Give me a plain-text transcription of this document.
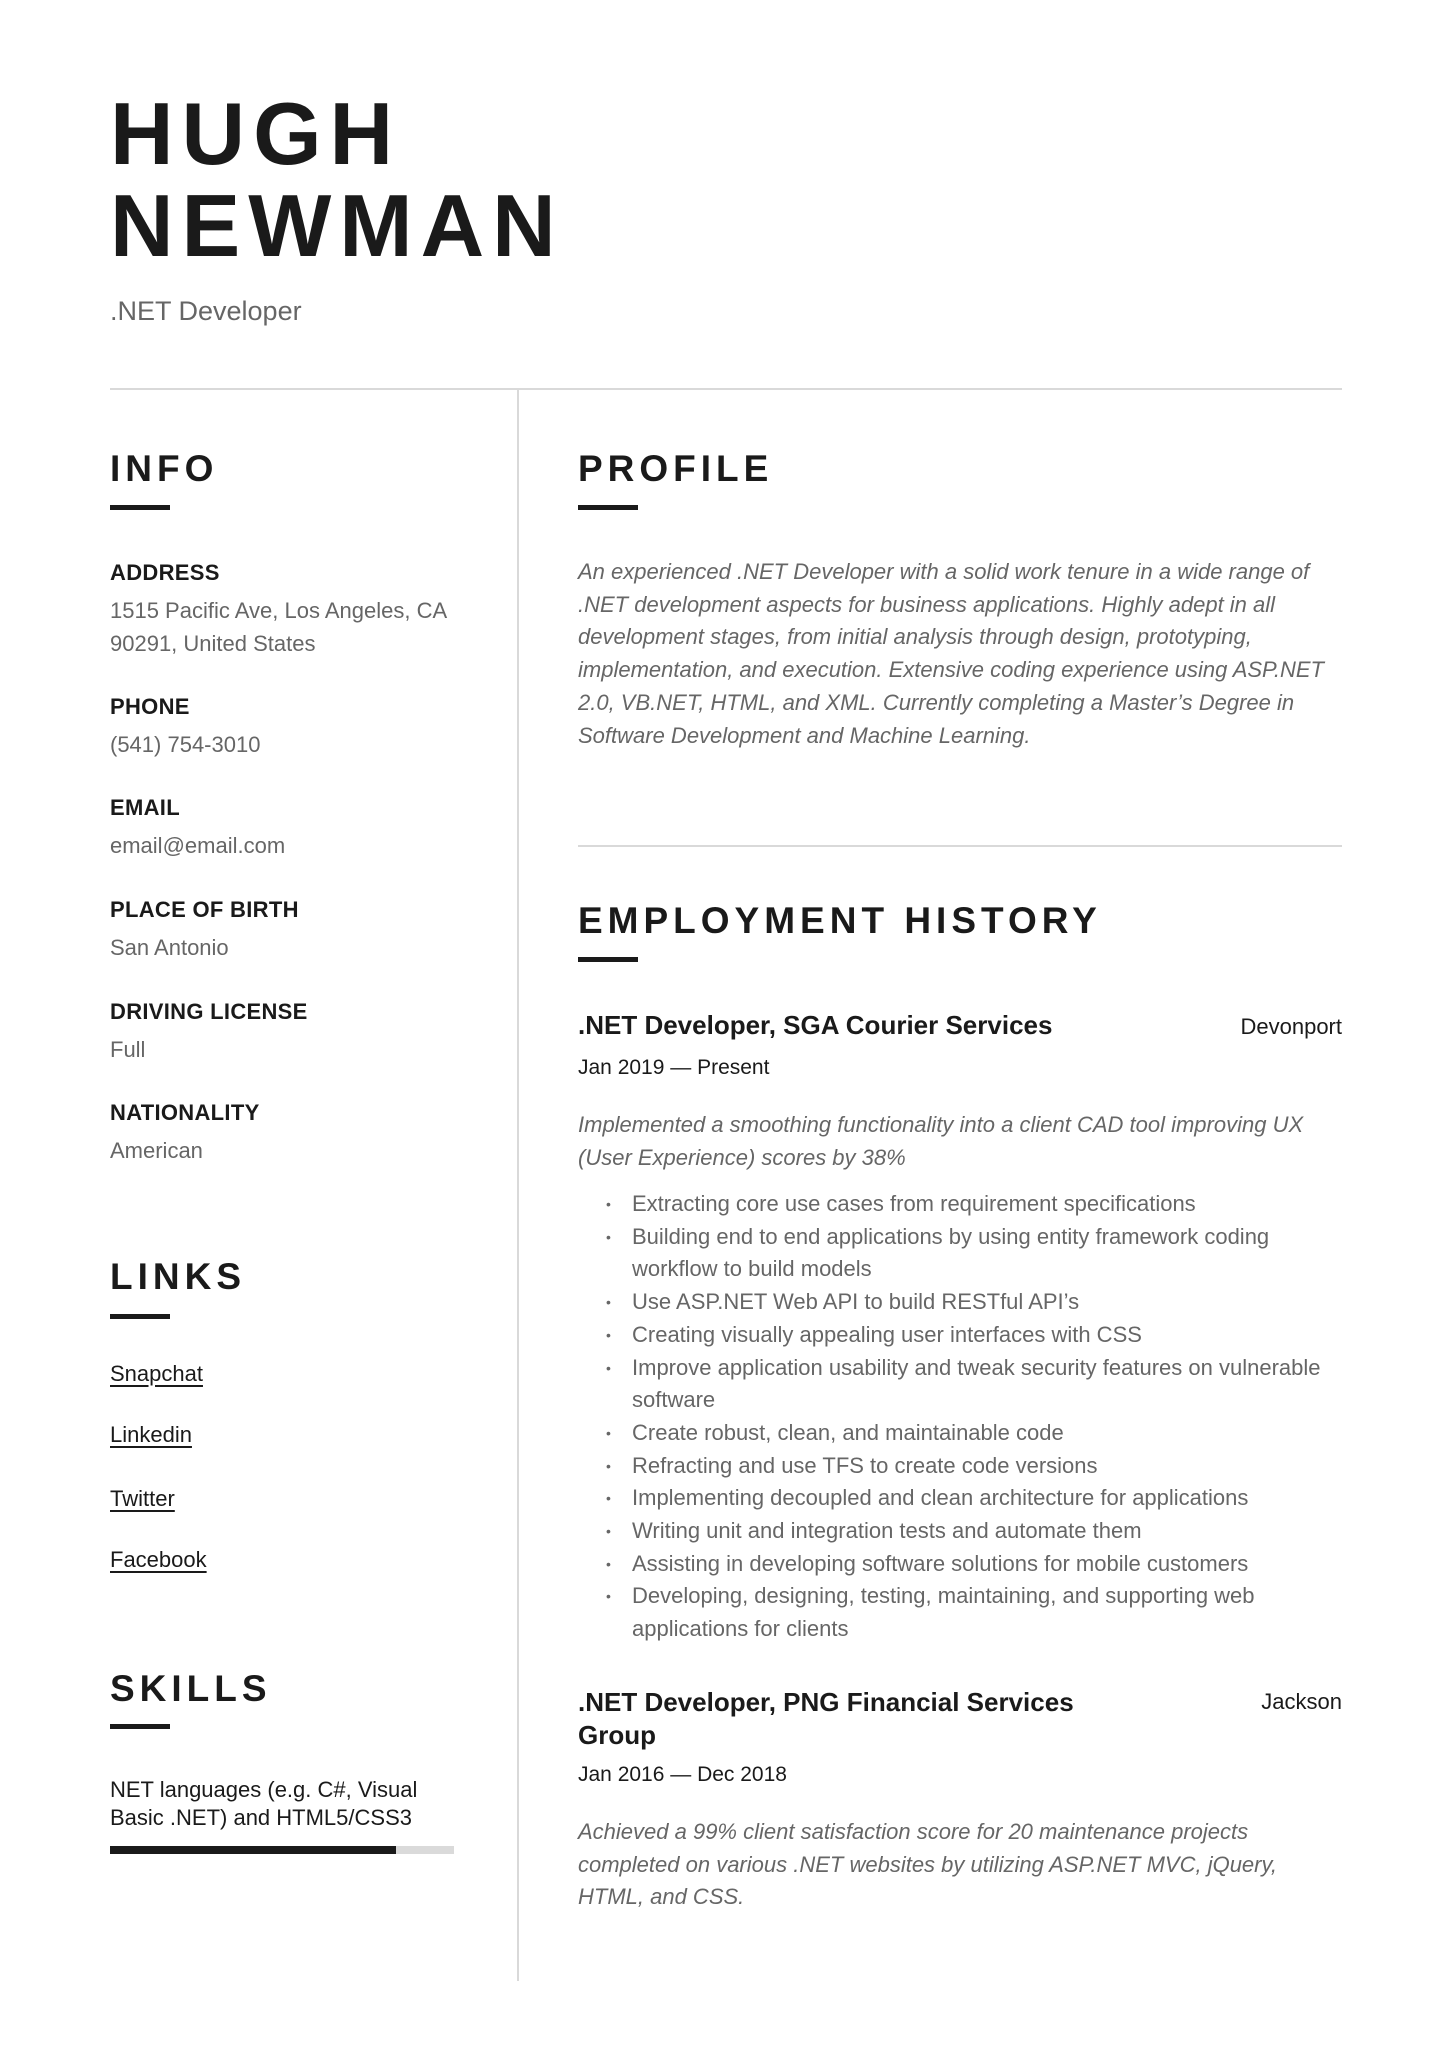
HUGH
NEWMAN

.NET Developer

INFO

ADDRESS

1515 Pacific Ave, Los Angeles, CA

90291, United States

PHONE

(541) 754-3010

EMAIL

email@email.com

PLACE OF BIRTH

San Antonio

DRIVING LICENSE

Full

NATIONALITY

American

LINKS
Snapchat
Linkedin
Twitter
Facebook
SKILLS
NET languages (e.g. C#, Visual Basic .NET) and HTML5/CSS3
PROFILE

An experienced .NET Developer with a solid work tenure in a wide range of .NET development aspects for business applications. Highly adept in all development stages, from initial analysis through design, prototyping, implementation, and execution. Extensive coding experience using ASP.NET 2.0, VB.NET, HTML, and XML. Currently completing a Master’s Degree in Software Development and Machine Learning.

EMPLOYMENT HISTORY
.NET Developer, SGA Courier Services	Devonport
Jan 2019 — Present

Implemented a smoothing functionality into a client CAD tool improving UX (User Experience) scores by 38%

• Extracting core use cases from requirement specifications
• Building end to end applications by using entity framework coding workflow to build models
• Use ASP.NET Web API to build RESTful API’s
• Creating visually appealing user interfaces with CSS
• Improve application usability and tweak security features on vulnerable software
• Create robust, clean, and maintainable code
• Refracting and use TFS to create code versions
• Implementing decoupled and clean architecture for applications
• Writing unit and integration tests and automate them
• Assisting in developing software solutions for mobile customers
• Developing, designing, testing, maintaining, and supporting web applications for clients
.NET Developer, PNG Financial Services Group
Jackson
Jan 2016 — Dec 2018

Achieved a 99% client satisfaction score for 20 maintenance projects completed on various .NET websites by utilizing ASP.NET MVC, jQuery, HTML, and CSS.
